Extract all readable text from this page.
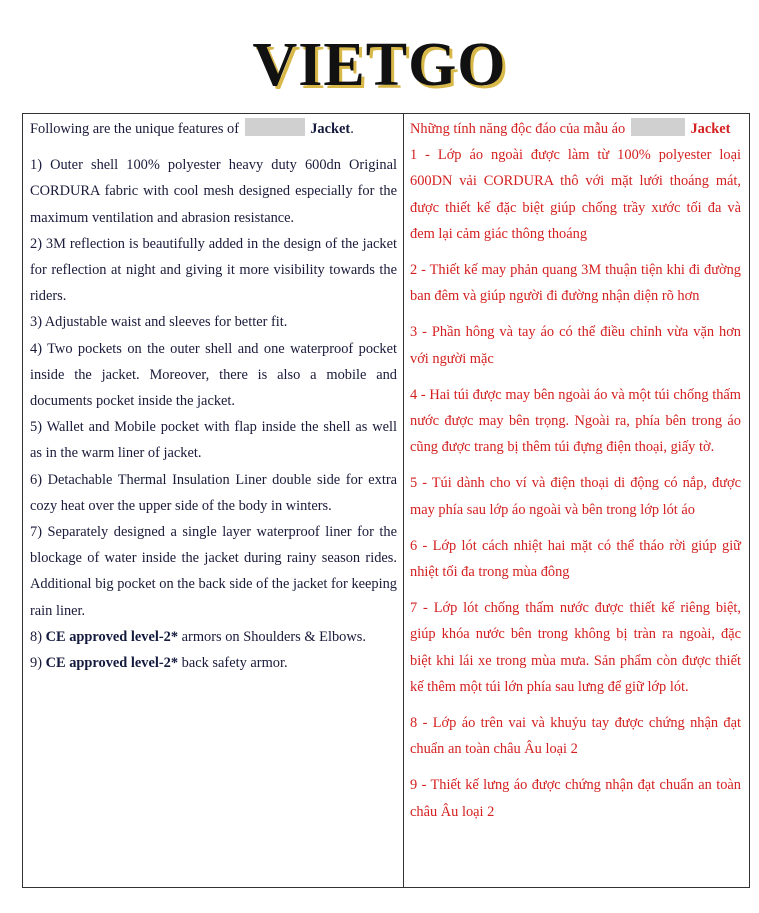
VIETGO

Following are the unique features of	Jacket.

1) Outer shell 100% polyester heavy duty 600dn Original CORDURA fabric with cool mesh designed especially for the maximum ventilation and abrasion resistance.

2) 3M reflection is beautifully added in the design of the jacket for reflection at night and giving it more visibility towards the riders.

3) Adjustable waist and sleeves for better fit.

4) Two pockets on the outer shell and one waterproof pocket inside the jacket. Moreover, there is also a mobile and documents pocket inside the jacket.

5) Wallet and Mobile pocket with flap inside the shell as well as in the warm liner of jacket.

6) Detachable Thermal Insulation Liner double side for extra cozy heat over the upper side of the body in winters.

7) Separately designed a single layer waterproof liner for the blockage of water inside the jacket during rainy season rides. Additional big pocket on the back side of the jacket for keeping rain liner.

8) CE approved level-2* armors on Shoulders & Elbows.

9) CE approved level-2* back safety armor.

Những tính năng độc đáo của mẫu áo	Jacket

1 - Lớp áo ngoài được làm từ 100% polyester loại 600DN vải CORDURA thô với mặt lưới thoáng mát, được thiết kế đặc biệt giúp chống trầy xước tối đa và đem lại cảm giác thông thoáng

2 - Thiết kế may phản quang 3M thuận tiện khi đi đường ban đêm và giúp người đi đường nhận diện rõ hơn

3 - Phần hông và tay áo có thể điều chỉnh vừa vặn hơn với người mặc

4 - Hai túi được may bên ngoài áo và một túi chống thấm nước được may bên trọng. Ngoài ra, phía bên trong áo cũng được trang bị thêm túi đựng điện thoại, giấy tờ.

5 - Túi dành cho ví và điện thoại di động có nắp, được may phía sau lớp áo ngoài và bên trong lớp lót áo

6 - Lớp lót cách nhiệt hai mặt có thể tháo rời giúp giữ nhiệt tối đa trong mùa đông

7 - Lớp lót chống thấm nước được thiết kế riêng biệt, giúp khóa nước bên trong không bị tràn ra ngoài, đặc biệt khi lái xe trong mùa mưa. Sản phẩm còn được thiết kế thêm một túi lớn phía sau lưng để giữ lớp lót.

8 - Lớp áo trên vai và khuỷu tay được chứng nhận đạt chuẩn an toàn châu Âu loại 2

9 - Thiết kế lưng áo được chứng nhận đạt chuẩn an toàn châu Âu loại 2
